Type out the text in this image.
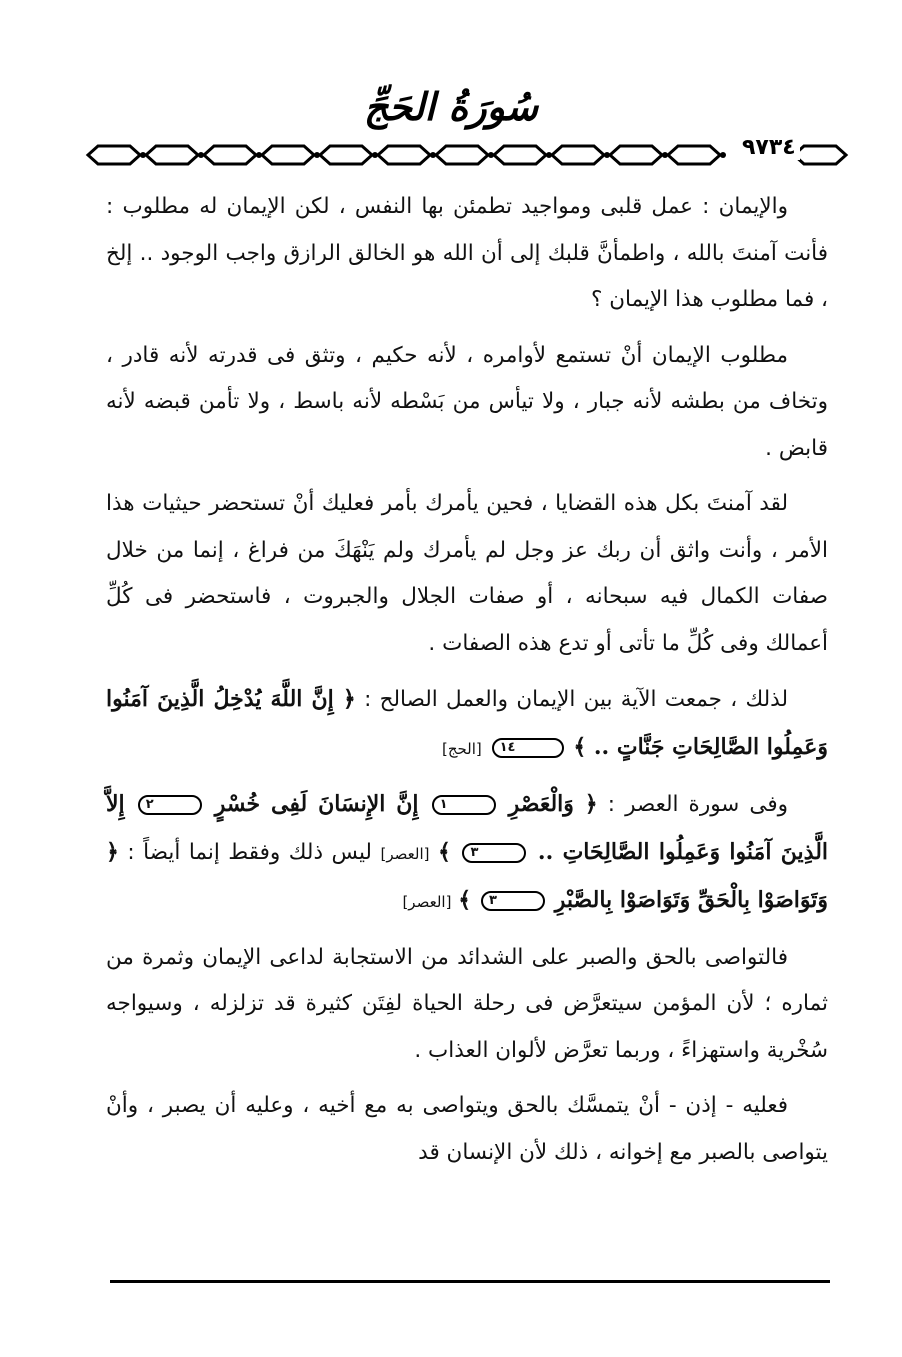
سُورَةُ الحَجِّ
٩٧٣٤

والإيمان : عمل قلبى ومواجيد تطمئن بها النفس ، لكن الإيمان له مطلوب : فأنت آمنتَ بالله ، واطمأنَّ قلبك إلى أن الله هو الخالق الرازق واجب الوجود .. إلخ ، فما مطلوب هذا الإيمان ؟

مطلوب الإيمان أنْ تستمع لأوامره ، لأنه حكيم ، وتثق فى قدرته لأنه قادر ، وتخاف من بطشه لأنه جبار ، ولا تيأس من بَسْطه لأنه باسط ، ولا تأمن قبضه لأنه قابض .

لقد آمنتَ بكل هذه القضايا ، فحين يأمرك بأمر فعليك أنْ تستحضر حيثيات هذا الأمر ، وأنت واثق أن ربك عز وجل لم يأمرك ولم يَنْهَكَ من فراغ ، إنما من خلال صفات الكمال فيه سبحانه ، أو صفات الجلال والجبروت ، فاستحضر فى كُلِّ أعمالك وفى كُلِّ ما تأتى أو تدع هذه الصفات .

لذلك ، جمعت الآية بين الإيمان والعمل الصالح : ﴿ إِنَّ اللَّهَ يُدْخِلُ الَّذِينَ آمَنُوا وَعَمِلُوا الصَّالِحَاتِ جَنَّاتٍ .. ﴾ ١٤ [الحج]

وفى سورة العصر : ﴿ وَالْعَصْرِ ١ إِنَّ الإِنسَانَ لَفِى خُسْرٍ ٢ إِلاَّ الَّذِينَ آمَنُوا وَعَمِلُوا الصَّالِحَاتِ .. ٣ ﴾ [العصر] ليس ذلك وفقط إنما أيضاً : ﴿ وَتَوَاصَوْا بِالْحَقِّ وَتَوَاصَوْا بِالصَّبْرِ ٣ ﴾ [العصر]

فالتواصى بالحق والصبر على الشدائد من الاستجابة لداعى الإيمان وثمرة من ثماره ؛ لأن المؤمن سيتعرَّض فى رحلة الحياة لفِتَن كثيرة قد تزلزله ، وسيواجه سُخْرية واستهزاءً ، وربما تعرَّض لألوان العذاب .

فعليه - إذن - أنْ يتمسَّك بالحق ويتواصى به مع أخيه ، وعليه أن يصبر ، وأنْ يتواصى بالصبر مع إخوانه ، ذلك لأن الإنسان قد
